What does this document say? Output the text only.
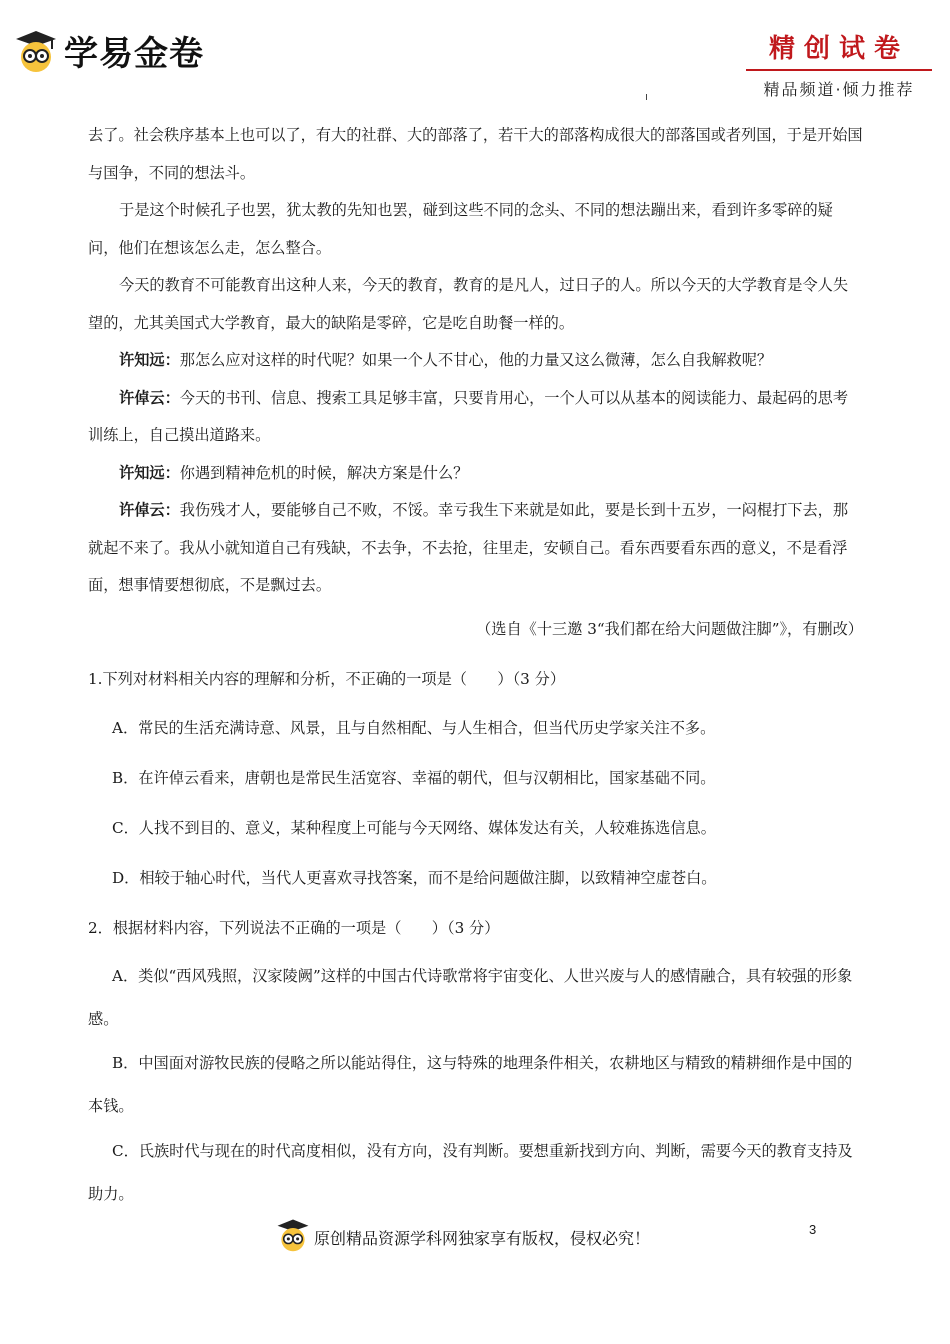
学易金卷	精创试卷
精品频道·倾力推荐

去了。社会秩序基本上也可以了，有大的社群、大的部落了，若干大的部落构成很大的部落国或者列国，于是开始国与国争，不同的想法斗。

于是这个时候孔子也罢，犹太教的先知也罢，碰到这些不同的念头、不同的想法蹦出来，看到许多零碎的疑问，他们在想该怎么走，怎么整合。

今天的教育不可能教育出这种人来，今天的教育，教育的是凡人，过日子的人。所以今天的大学教育是令人失望的，尤其美国式大学教育，最大的缺陷是零碎，它是吃自助餐一样的。

许知远：那怎么应对这样的时代呢？如果一个人不甘心，他的力量又这么微薄，怎么自我解救呢？

许倬云：今天的书刊、信息、搜索工具足够丰富，只要肯用心，一个人可以从基本的阅读能力、最起码的思考训练上，自己摸出道路来。

许知远：你遇到精神危机的时候，解决方案是什么？

许倬云：我伤残才人，要能够自己不败，不馁。幸亏我生下来就是如此，要是长到十五岁，一闷棍打下去，那就起不来了。我从小就知道自己有残缺，不去争，不去抢，往里走，安顿自己。看东西要看东西的意义，不是看浮面，想事情要想彻底，不是飘过去。

（选自《十三邀 3“我们都在给大问题做注脚”》，有删改）

1.下列对材料相关内容的理解和分析，不正确的一项是（　　）（3 分）

A．常民的生活充满诗意、风景，且与自然相配、与人生相合，但当代历史学家关注不多。

B．在许倬云看来，唐朝也是常民生活宽容、幸福的朝代，但与汉朝相比，国家基础不同。

C．人找不到目的、意义，某种程度上可能与今天网络、媒体发达有关，人较难拣选信息。

D．相较于轴心时代，当代人更喜欢寻找答案，而不是给问题做注脚，以致精神空虚苍白。

2．根据材料内容，下列说法不正确的一项是（　　）（3 分）

A．类似“西风残照，汉家陵阙”这样的中国古代诗歌常将宇宙变化、人世兴废与人的感情融合，具有较强的形象感。

B．中国面对游牧民族的侵略之所以能站得住，这与特殊的地理条件相关，农耕地区与精致的精耕细作是中国的本钱。

C．氏族时代与现在的时代高度相似，没有方向，没有判断。要想重新找到方向、判断，需要今天的教育支持及助力。

原创精品资源学科网独家享有版权，侵权必究！	3
